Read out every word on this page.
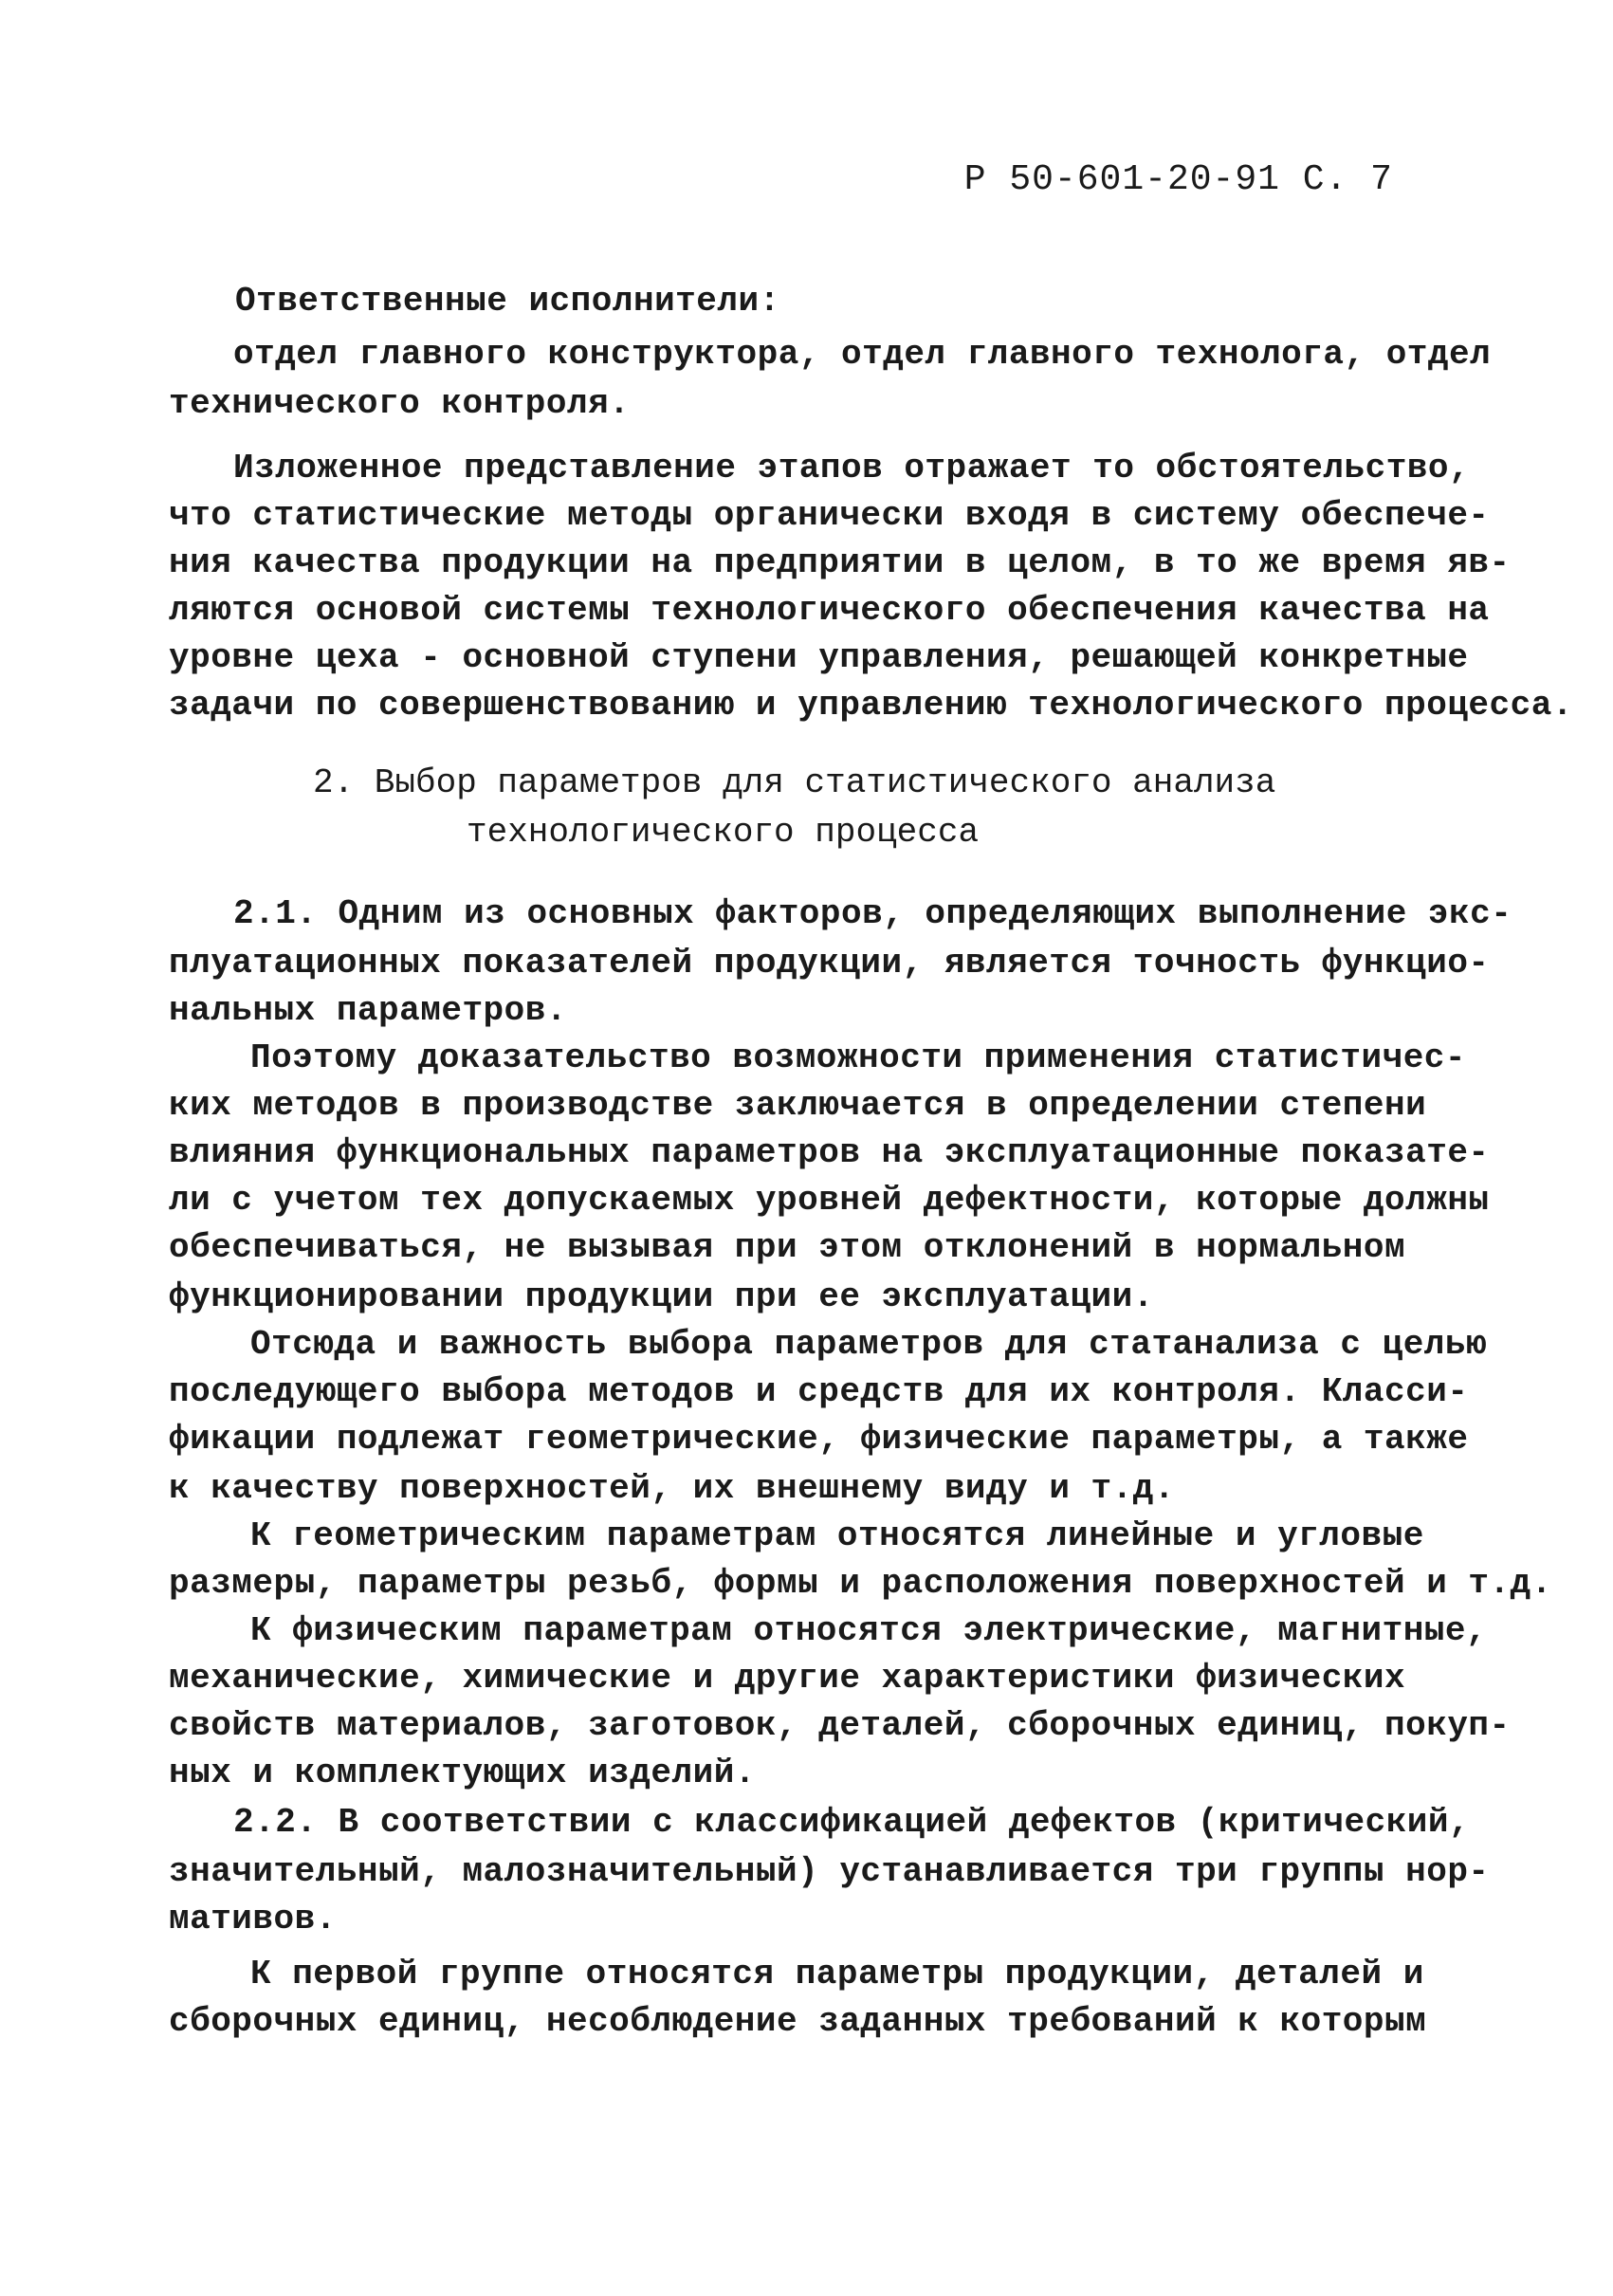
Р 50-601-20-91 С. 7
Ответственные исполнители:
отдел главного конструктора, отдел главного технолога, отдел
технического контроля.
Изложенное представление этапов отражает то обстоятельство,
что статистические методы органически входя в систему обеспече-
ния качества продукции на предприятии в целом, в то же время яв-
ляются основой системы технологического обеспечения качества на
уровне цеха - основной ступени управления, решающей конкретные
задачи по совершенствованию и управлению технологического процесса.
2. Выбор параметров для статистического анализа
технологического процесса
2.1. Одним из основных факторов, определяющих выполнение экс-
плуатационных показателей продукции, является точность функцио-
нальных параметров.
Поэтому доказательство возможности применения статистичес-
ких методов в производстве заключается в определении степени
влияния функциональных параметров на эксплуатационные показате-
ли с учетом тех допускаемых уровней дефектности, которые должны
обеспечиваться, не вызывая при этом отклонений в нормальном
функционировании продукции при ее эксплуатации.
Отсюда и важность выбора параметров для статанализа с целью
последующего выбора методов и средств для их контроля. Класси-
фикации подлежат геометрические, физические параметры, а также
к качеству поверхностей, их внешнему виду и т.д.
К геометрическим параметрам относятся линейные и угловые
размеры, параметры резьб, формы и расположения поверхностей и т.д.
К физическим параметрам относятся электрические, магнитные,
механические, химические и другие характеристики физических
свойств материалов, заготовок, деталей, сборочных единиц, покуп-
ных и комплектующих изделий.
2.2. В соответствии с классификацией дефектов (критический,
значительный, малозначительный) устанавливается три группы нор-
мативов.
К первой группе относятся параметры продукции, деталей и
сборочных единиц, несоблюдение заданных требований к которым
